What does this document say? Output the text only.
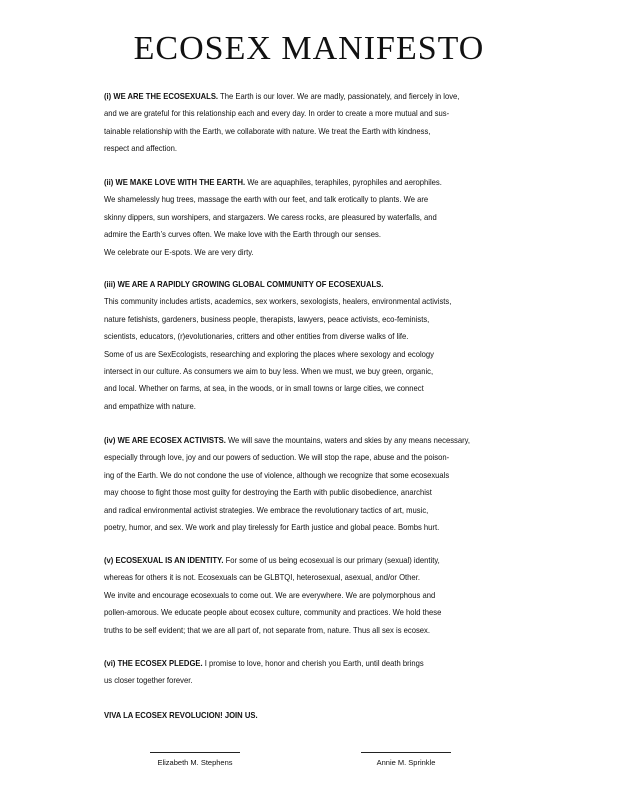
ECOSEX MANIFESTO
(i) WE ARE THE ECOSEXUALS. The Earth is our lover. We are madly, passionately, and fiercely in love,
and we are grateful for this relationship each and every day. In order to create a more mutual and sus-
tainable relationship with the Earth, we collaborate with nature. We treat the Earth with kindness,
respect and affection.
(ii) WE MAKE LOVE WITH THE EARTH. We are aquaphiles, teraphiles, pyrophiles and aerophiles.
We shamelessly hug trees, massage the earth with our feet, and talk erotically to plants. We are
skinny dippers, sun worshipers, and stargazers. We caress rocks, are pleasured by waterfalls, and
admire the Earth’s curves often. We make love with the Earth through our senses.
We celebrate our E-spots. We are very dirty.
(iii) WE ARE A RAPIDLY GROWING GLOBAL COMMUNITY OF ECOSEXUALS.
This community includes artists, academics, sex workers, sexologists, healers, environmental activists,
nature fetishists, gardeners, business people, therapists, lawyers, peace activists, eco-feminists,
scientists, educators, (r)evolutionaries, critters and other entities from diverse walks of life.
Some of us are SexEcologists, researching and exploring the places where sexology and ecology
intersect in our culture. As consumers we aim to buy less. When we must, we buy green, organic,
and local. Whether on farms, at sea, in the woods, or in small towns or large cities, we connect
and empathize with nature.
(iv) WE ARE ECOSEX ACTIVISTS. We will save the mountains, waters and skies by any means necessary,
especially through love, joy and our powers of seduction. We will stop the rape, abuse and the poison-
ing of the Earth. We do not condone the use of violence, although we recognize that some ecosexuals
may choose to fight those most guilty for destroying the Earth with public disobedience, anarchist
and radical environmental activist strategies. We embrace the revolutionary tactics of art, music,
poetry, humor, and sex. We work and play tirelessly for Earth justice and global peace. Bombs hurt.
(v) ECOSEXUAL IS AN IDENTITY. For some of us being ecosexual is our primary (sexual) identity,
whereas for others it is not. Ecosexuals can be GLBTQI, heterosexual, asexual, and/or Other.
We invite and encourage ecosexuals to come out. We are everywhere. We are polymorphous and
pollen-amorous. We educate people about ecosex culture, community and practices. We hold these
truths to be self evident; that we are all part of, not separate from, nature. Thus all sex is ecosex.
(vi) THE ECOSEX PLEDGE. I promise to love, honor and cherish you Earth, until death brings
us closer together forever.
VIVA LA ECOSEX REVOLUCION! JOIN US.
Elizabeth M. Stephens	Annie M. Sprinkle
